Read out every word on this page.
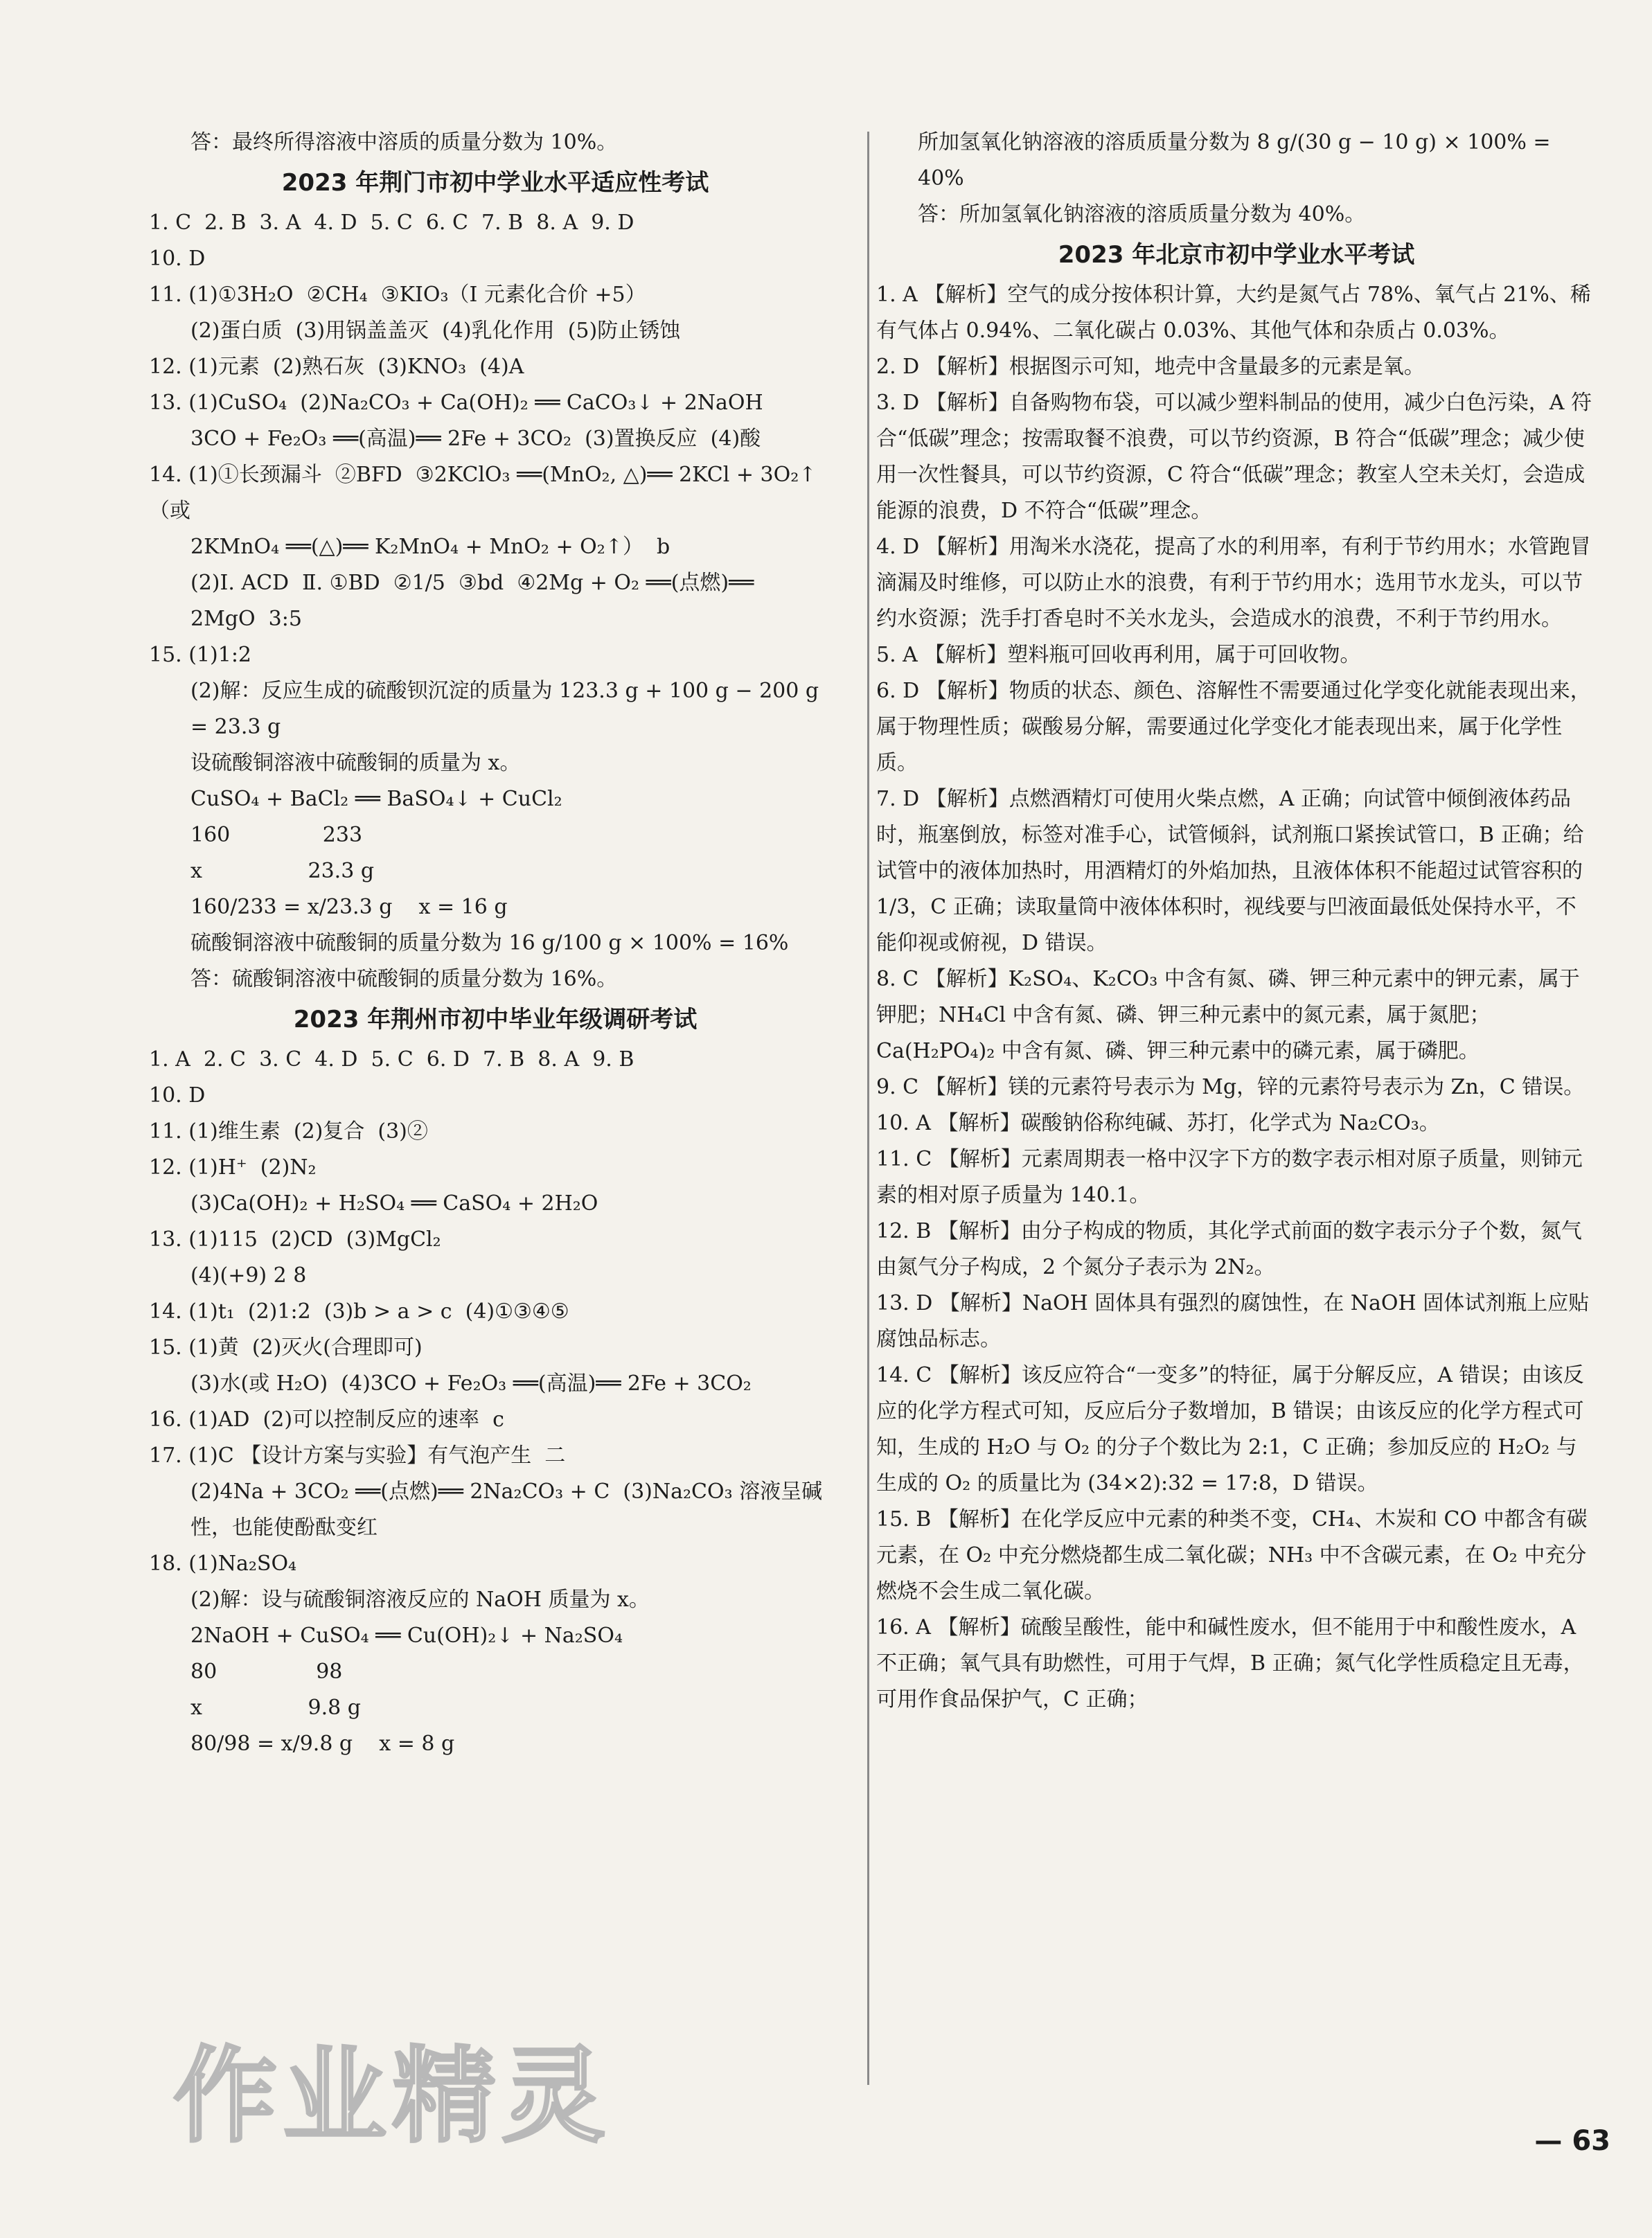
答：最终所得溶液中溶质的质量分数为 10%。
2023 年荆门市初中学业水平适应性考试
1. C  2. B  3. A  4. D  5. C  6. C  7. B  8. A  9. D
10. D
11. (1)①3H₂O  ②CH₄  ③KIO₃（I 元素化合价 +5）
(2)蛋白质  (3)用锅盖盖灭  (4)乳化作用  (5)防止锈蚀
12. (1)元素  (2)熟石灰  (3)KNO₃  (4)A
13. (1)CuSO₄  (2)Na₂CO₃ + Ca(OH)₂ ══ CaCO₃↓ + 2NaOH
3CO + Fe₂O₃ ══(高温)══ 2Fe + 3CO₂  (3)置换反应  (4)酸
14. (1)①长颈漏斗  ②BFD  ③2KClO₃ ══(MnO₂, △)══ 2KCl + 3O₂↑（或
2KMnO₄ ══(△)══ K₂MnO₄ + MnO₂ + O₂↑）  b
(2)Ⅰ. ACD  Ⅱ. ①BD  ②1/5  ③bd  ④2Mg + O₂ ══(点燃)══
2MgO  3:5
15. (1)1:2
(2)解：反应生成的硫酸钡沉淀的质量为 123.3 g + 100 g − 200 g = 23.3 g
设硫酸铜溶液中硫酸铜的质量为 x。
CuSO₄ + BaCl₂ ══ BaSO₄↓ + CuCl₂
160              233
x                23.3 g
160/233 = x/23.3 g    x = 16 g
硫酸铜溶液中硫酸铜的质量分数为 16 g/100 g × 100% = 16%
答：硫酸铜溶液中硫酸铜的质量分数为 16%。
2023 年荆州市初中毕业年级调研考试
1. A  2. C  3. C  4. D  5. C  6. D  7. B  8. A  9. B
10. D
11. (1)维生素  (2)复合  (3)②
12. (1)H⁺  (2)N₂
(3)Ca(OH)₂ + H₂SO₄ ══ CaSO₄ + 2H₂O
13. (1)115  (2)CD  (3)MgCl₂
(4)(+9) 2 8
14. (1)t₁  (2)1:2  (3)b > a > c  (4)①③④⑤
15. (1)黄  (2)灭火(合理即可)
(3)水(或 H₂O)  (4)3CO + Fe₂O₃ ══(高温)══ 2Fe + 3CO₂
16. (1)AD  (2)可以控制反应的速率  c
17. (1)C 【设计方案与实验】有气泡产生  二
(2)4Na + 3CO₂ ══(点燃)══ 2Na₂CO₃ + C  (3)Na₂CO₃ 溶液呈碱性，也能使酚酞变红
18. (1)Na₂SO₄
(2)解：设与硫酸铜溶液反应的 NaOH 质量为 x。
2NaOH + CuSO₄ ══ Cu(OH)₂↓ + Na₂SO₄
80               98
x                9.8 g
80/98 = x/9.8 g    x = 8 g
所加氢氧化钠溶液的溶质质量分数为 8 g/(30 g − 10 g) × 100% = 40%
答：所加氢氧化钠溶液的溶质质量分数为 40%。
2023 年北京市初中学业水平考试
1. A 【解析】空气的成分按体积计算，大约是氮气占 78%、氧气占 21%、稀有气体占 0.94%、二氧化碳占 0.03%、其他气体和杂质占 0.03%。
2. D 【解析】根据图示可知，地壳中含量最多的元素是氧。
3. D 【解析】自备购物布袋，可以减少塑料制品的使用，减少白色污染，A 符合“低碳”理念；按需取餐不浪费，可以节约资源，B 符合“低碳”理念；减少使用一次性餐具，可以节约资源，C 符合“低碳”理念；教室人空未关灯，会造成能源的浪费，D 不符合“低碳”理念。
4. D 【解析】用淘米水浇花，提高了水的利用率，有利于节约用水；水管跑冒滴漏及时维修，可以防止水的浪费，有利于节约用水；选用节水龙头，可以节约水资源；洗手打香皂时不关水龙头，会造成水的浪费，不利于节约用水。
5. A 【解析】塑料瓶可回收再利用，属于可回收物。
6. D 【解析】物质的状态、颜色、溶解性不需要通过化学变化就能表现出来，属于物理性质；碳酸易分解，需要通过化学变化才能表现出来，属于化学性质。
7. D 【解析】点燃酒精灯可使用火柴点燃，A 正确；向试管中倾倒液体药品时，瓶塞倒放，标签对准手心，试管倾斜，试剂瓶口紧挨试管口，B 正确；给试管中的液体加热时，用酒精灯的外焰加热，且液体体积不能超过试管容积的 1/3，C 正确；读取量筒中液体体积时，视线要与凹液面最低处保持水平，不能仰视或俯视，D 错误。
8. C 【解析】K₂SO₄、K₂CO₃ 中含有氮、磷、钾三种元素中的钾元素，属于钾肥；NH₄Cl 中含有氮、磷、钾三种元素中的氮元素，属于氮肥；Ca(H₂PO₄)₂ 中含有氮、磷、钾三种元素中的磷元素，属于磷肥。
9. C 【解析】镁的元素符号表示为 Mg，锌的元素符号表示为 Zn，C 错误。
10. A 【解析】碳酸钠俗称纯碱、苏打，化学式为 Na₂CO₃。
11. C 【解析】元素周期表一格中汉字下方的数字表示相对原子质量，则铈元素的相对原子质量为 140.1。
12. B 【解析】由分子构成的物质，其化学式前面的数字表示分子个数，氮气由氮气分子构成，2 个氮分子表示为 2N₂。
13. D 【解析】NaOH 固体具有强烈的腐蚀性，在 NaOH 固体试剂瓶上应贴腐蚀品标志。
14. C 【解析】该反应符合“一变多”的特征，属于分解反应，A 错误；由该反应的化学方程式可知，反应后分子数增加，B 错误；由该反应的化学方程式可知，生成的 H₂O 与 O₂ 的分子个数比为 2:1，C 正确；参加反应的 H₂O₂ 与生成的 O₂ 的质量比为 (34×2):32 = 17:8，D 错误。
15. B 【解析】在化学反应中元素的种类不变，CH₄、木炭和 CO 中都含有碳元素，在 O₂ 中充分燃烧都生成二氧化碳；NH₃ 中不含碳元素，在 O₂ 中充分燃烧不会生成二氧化碳。
16. A 【解析】硫酸呈酸性，能中和碱性废水，但不能用于中和酸性废水，A 不正确；氧气具有助燃性，可用于气焊，B 正确；氮气化学性质稳定且无毒，可用作食品保护气，C 正确；
作业精灵	— 63
